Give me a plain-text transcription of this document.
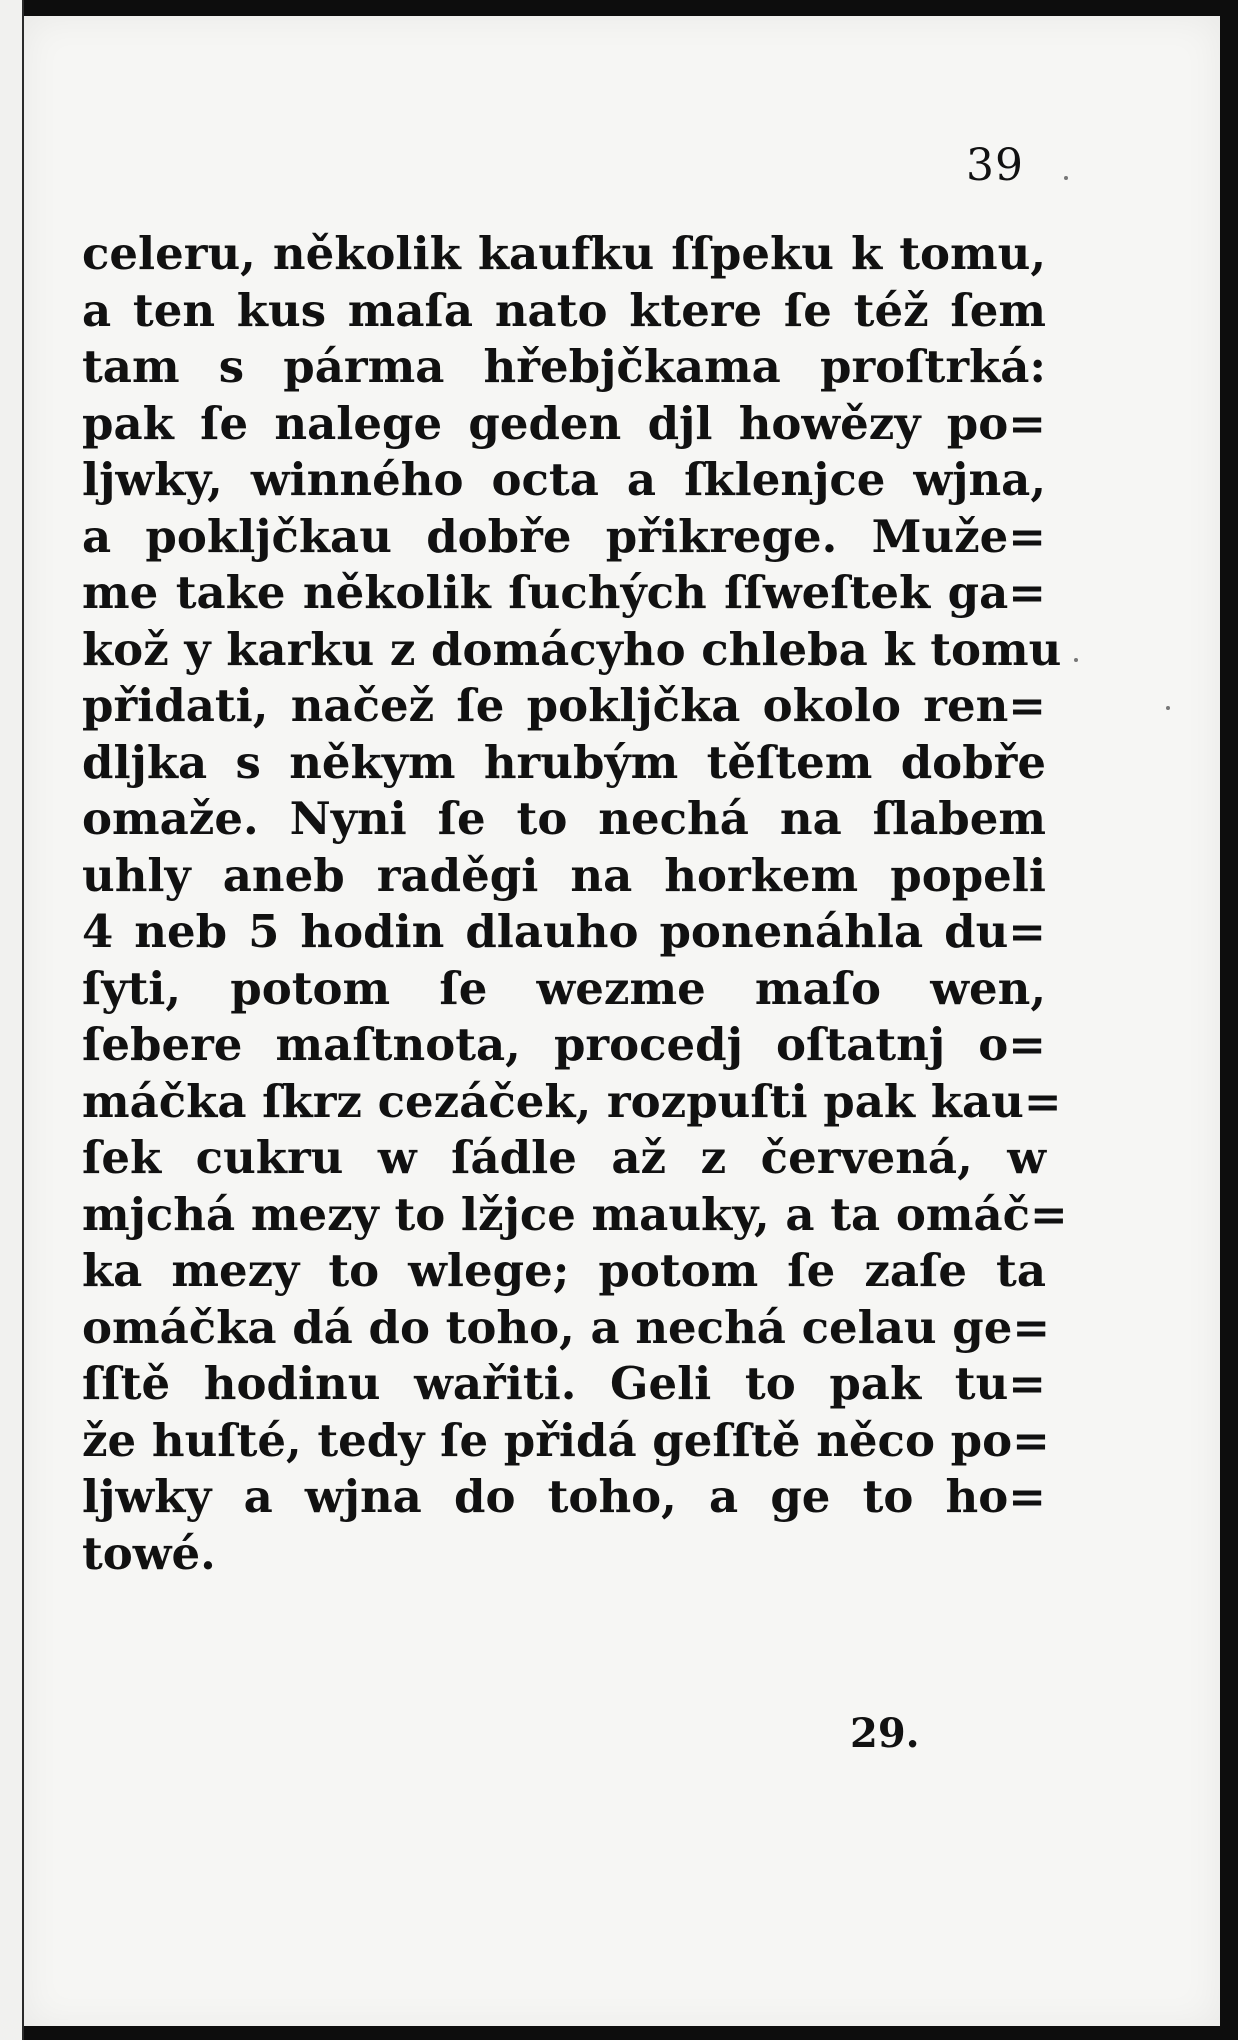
39
celeru, několik kaufku ſſpeku k tomu,
a ten kus maſa nato ktere ſe též ſem
tam s párma hřebjčkama proſtrká:
pak ſe nalege geden djl howězy po=
ljwky, winného octa a ſklenjce wjna,
a poklјčkau dobře přikrege. Muže=
me take několik ſuchých ſſweſtek ga=
kož y karku z domácyho chleba k tomu
přidati, načež ſe poklјčka okolo ren=
dljka s někym hrubým těſtem dobře
omaže. Nyni ſe to nechá na ſlabem
uhly aneb raděgi na horkem popeli
4 neb 5 hodin dlauho ponenáhla du=
ſyti, potom ſe wezme maſo wen,
ſebere maſtnota, procedj oſtatnj o=
máčka ſkrz cezáček, rozpuſti pak kau=
ſek cukru w ſádle až z červená, w
mjchá mezy to lžjce mauky, a ta omáč=
ka mezy to wlege; potom ſe zaſe ta
omáčka dá do toho, a nechá celau ge=
ſſtě hodinu wařiti. Geli to pak tu=
že huſté, tedy ſe přidá geſſtě něco po=
ljwky a wjna do toho, a ge to ho=
towé.
29.
